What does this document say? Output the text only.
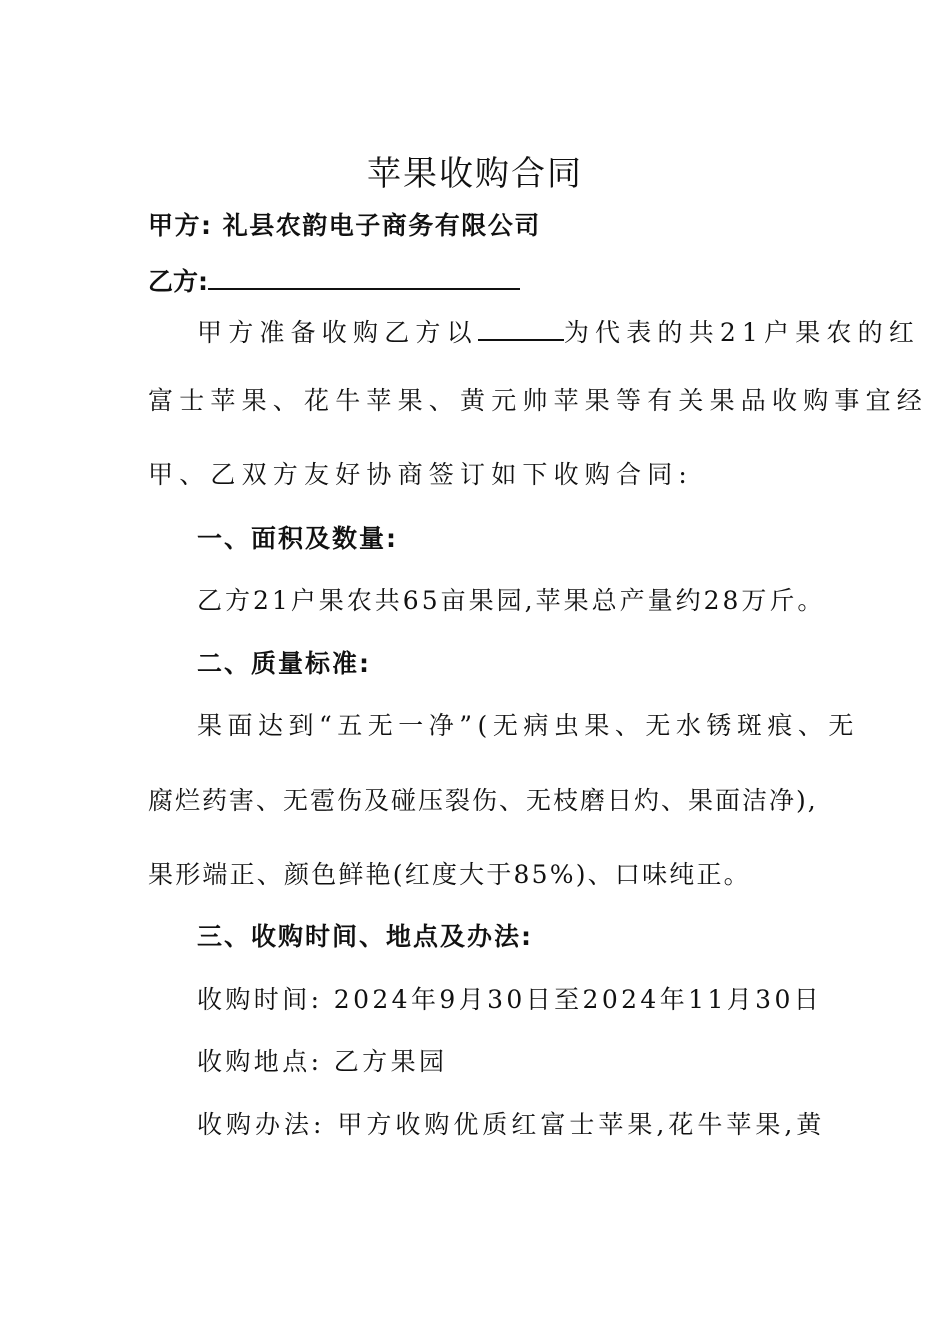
苹果收购合同
甲方: 礼县农韵电子商务有限公司
乙方:
甲方准备收购乙方以	为代表的共21户果农的红
富士苹果、花牛苹果、黄元帅苹果等有关果品收购事宜经
甲、乙双方友好协商签订如下收购合同:
一、面积及数量:
乙方21户果农共65亩果园,苹果总产量约28万斤。
二、质量标准:
果面达到“五无一净”(无病虫果、无水锈斑痕、无
腐烂药害、无雹伤及碰压裂伤、无枝磨日灼、果面洁净),
果形端正、颜色鲜艳(红度大于85%)、口味纯正。
三、收购时间、地点及办法:
收购时间: 2024年9月30日至2024年11月30日
收购地点: 乙方果园
收购办法: 甲方收购优质红富士苹果,花牛苹果,黄
